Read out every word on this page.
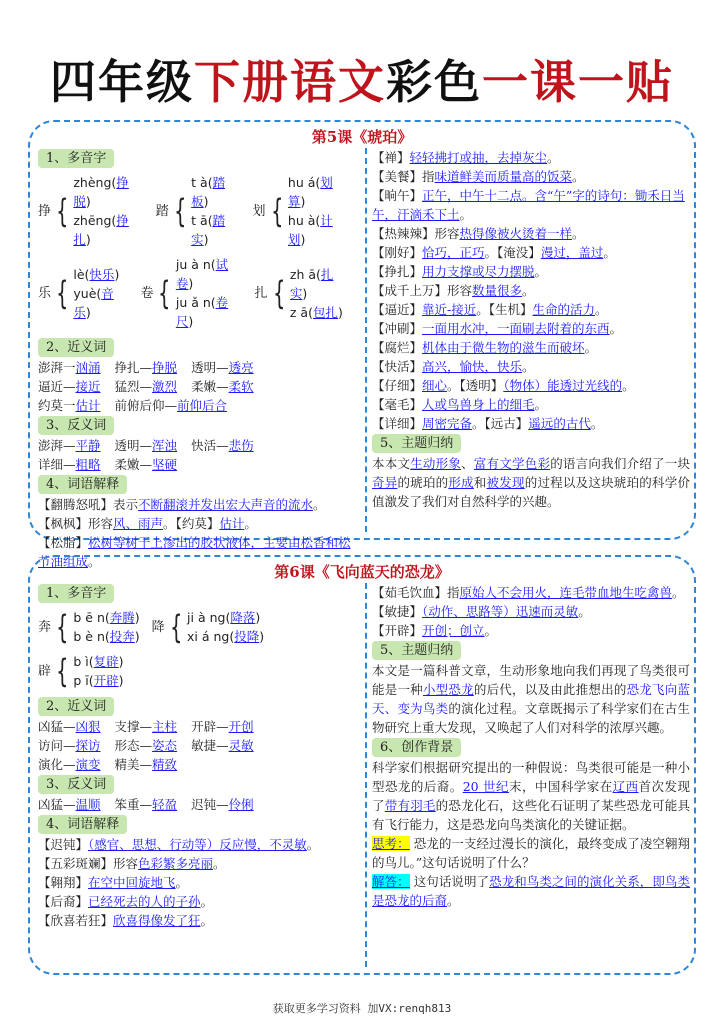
四年级下册语文彩色一课一贴
第5课《琥珀》
1、多音字
挣 {
zhèng(挣脱)
zhēng(挣扎)
踏 {
t à(踏板)
t ā(踏实)
划 {
hu á(划算)
hu à(计划)
乐 { lè(快乐)
yuè(音乐)
卷 {
ju à n(试卷)
ju ǎ n(卷尺)
扎 { zh ā(扎实)
z ā(包扎)
2、近义词
澎湃一汹涌 挣扎—挣脱 透明—透亮
逼近—接近 猛烈—激烈 柔嫩—柔软
约莫一估计 前俯后仰—前仰后合
3、反义词
澎湃—平静 透明—浑浊 快活—悲伤
详细—粗略 柔嫩—坚硬
4、词语解释
【翻腾怒吼】表示不断翻滚并发出宏大声音的流水。
【枫枫】形容风、雨声。【约莫】估计。
【松脂】松树等树干上渗出的胶状液体，主要由松香和松节油组成。
【禅】轻轻拂打或抽，去掉灰尘。
【美餐】指味道鲜美而质量高的饭菜。
【晌午】正午，中午十二点。含“午”字的诗句：锄禾日当午，汗滴禾下土。
【热辣辣】形容热得像被火烫着一样。
【刚好】恰巧，正巧。【淹没】漫过，盖过。
【挣扎】用力支撑或尽力摆脱。
【成千上万】形容数量很多。
【逼近】靠近-接近。【生机】生命的活力。
【冲刷】一面用水冲，一面刷去附着的东西。
【腐烂】机体由于微生物的滋生而破坏。
【快活】高兴，愉快，快乐。
【仔细】细心。【透明】（物体）能透过光线的。
【毫毛】人或鸟兽身上的细毛。
【详细】周密完备。【远古】遥远的古代。
5、主题归纳
本本文生动形象、富有文学色彩的语言向我们介绍了一块奇异的琥珀的形成和被发现的过程以及这块琥珀的科学价值激发了我们对自然科学的兴趣。
第6课《飞向蓝天的恐龙》
1、多音字
奔 { b ē n(奔腾)
b è n(投奔)
降 { ji à ng(降落)
xi á ng(投降)
辟 { b ì(复辟)
p ī(开辟)
2、近义词
凶猛—凶狠 支撑—主柱 开辟—开创
访问—探访 形态—姿态 敏捷—灵敏
演化—演变 精美—精致
3、反义词
凶猛—温顺 笨重—轻盈 迟钝—伶俐
4、词语解释
【迟钝】（感官、思想、行动等）反应慢，不灵敏。
【五彩斑斓】形容色彩繁多亮丽。
【翱翔】在空中回旋地飞。
【后裔】已经死去的人的子孙。
【欣喜若狂】欣喜得像发了狂。
【茹毛饮血】指原始人不会用火，连毛带血地生吃禽兽。
【敏捷】（动作、思路等）迅速而灵敏。
【开辟】开创；创立。
5、主题归纳
本文是一篇科普文章，生动形象地向我们再现了鸟类很可能是一种小型恐龙的后代，以及由此推想出的恐龙飞向蓝天、变为鸟类的演化过程。文章既揭示了科学家们在古生物研究上重大发现，又唤起了人们对科学的浓厚兴趣。
6、创作背景
科学家们根据研究提出的一种假说：鸟类很可能是一种小型恐龙的后裔。20 世纪末，中国科学家在辽西首次发现了带有羽毛的恐龙化石，这些化石证明了某些恐龙可能具有飞行能力，这是恐龙向鸟类演化的关键证据。
思考： 恐龙的一支经过漫长的演化，最终变成了凌空翱翔的鸟儿。”这句话说明了什么？
解答： 这句话说明了恐龙和鸟类之间的演化关系，即鸟类是恐龙的后裔。
获取更多学习资料 加VX:renqh813
